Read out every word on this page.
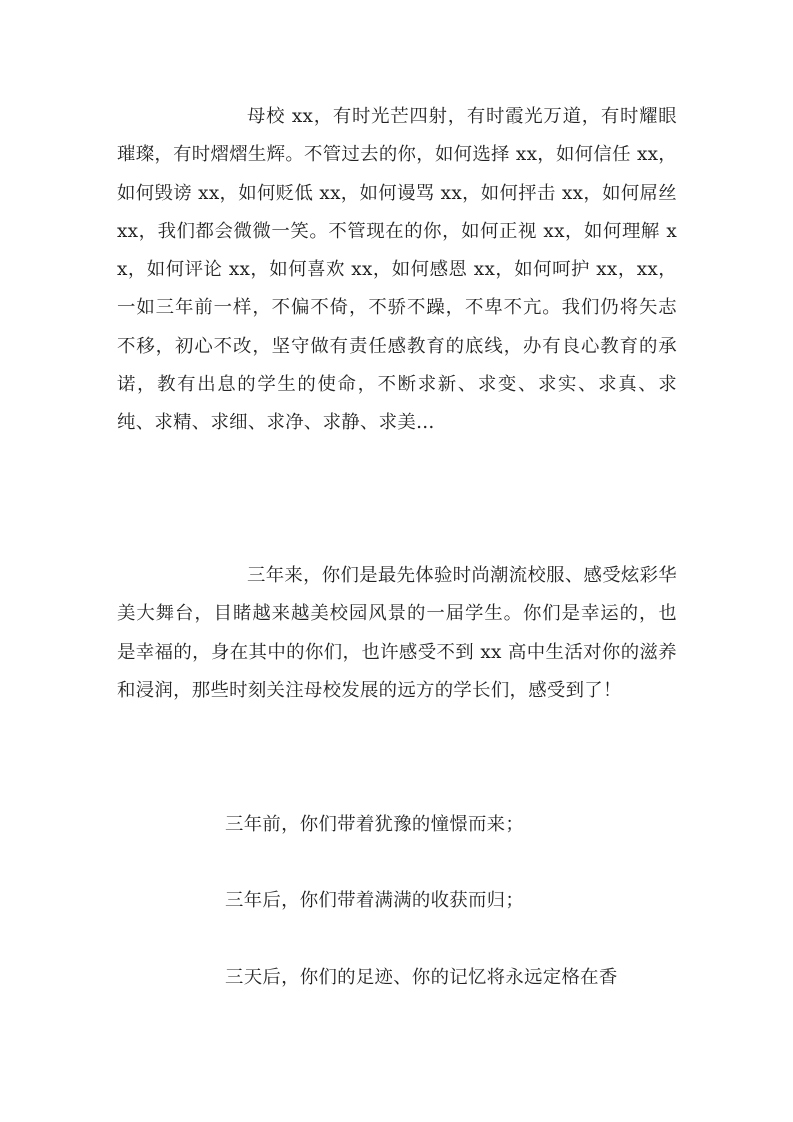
母校 xx，有时光芒四射，有时霞光万道，有时耀眼璀璨，有时熠熠生辉。不管过去的你，如何选择 xx，如何信任 xx，如何毁谤 xx，如何贬低 xx，如何谩骂 xx，如何抨击 xx，如何屌丝 xx，我们都会微微一笑。不管现在的你，如何正视 xx，如何理解 xx，如何评论 xx，如何喜欢 xx，如何感恩 xx，如何呵护 xx，xx，一如三年前一样，不偏不倚，不骄不躁，不卑不亢。我们仍将矢志不移，初心不改，坚守做有责任感教育的底线，办有良心教育的承诺，教有出息的学生的使命，不断求新、求变、求实、求真、求纯、求精、求细、求净、求静、求美…

三年来，你们是最先体验时尚潮流校服、感受炫彩华美大舞台，目睹越来越美校园风景的一届学生。你们是幸运的，也是幸福的，身在其中的你们，也许感受不到 xx 高中生活对你的滋养和浸润，那些时刻关注母校发展的远方的学长们，感受到了！

三年前，你们带着犹豫的憧憬而来；

三年后，你们带着满满的收获而归；

三天后，你们的足迹、你的记忆将永远定格在香
